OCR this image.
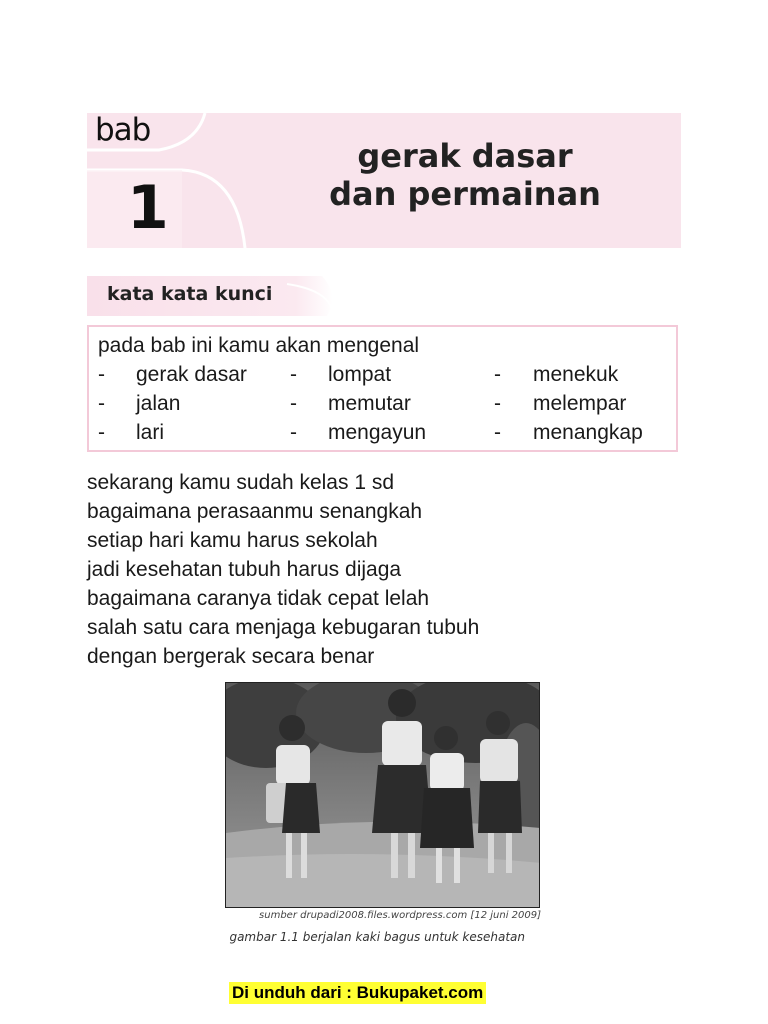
bab
1
gerak dasar
dan permainan
kata kata kunci
pada bab ini kamu akan mengenal
-
-
-
gerak dasar
jalan
lari
-
-
-
lompat
memutar
mengayun
-
-
-
menekuk
melempar
menangkap
sekarang kamu sudah kelas 1 sd
bagaimana perasaanmu senangkah
setiap hari kamu harus sekolah
jadi kesehatan tubuh harus dijaga
bagaimana caranya tidak cepat lelah
salah satu cara menjaga kebugaran tubuh
dengan bergerak secara benar
sumber drupadi2008.files.wordpress.com [12 juni 2009]
gambar 1.1 berjalan kaki bagus untuk kesehatan
Di unduh dari : Bukupaket.com
